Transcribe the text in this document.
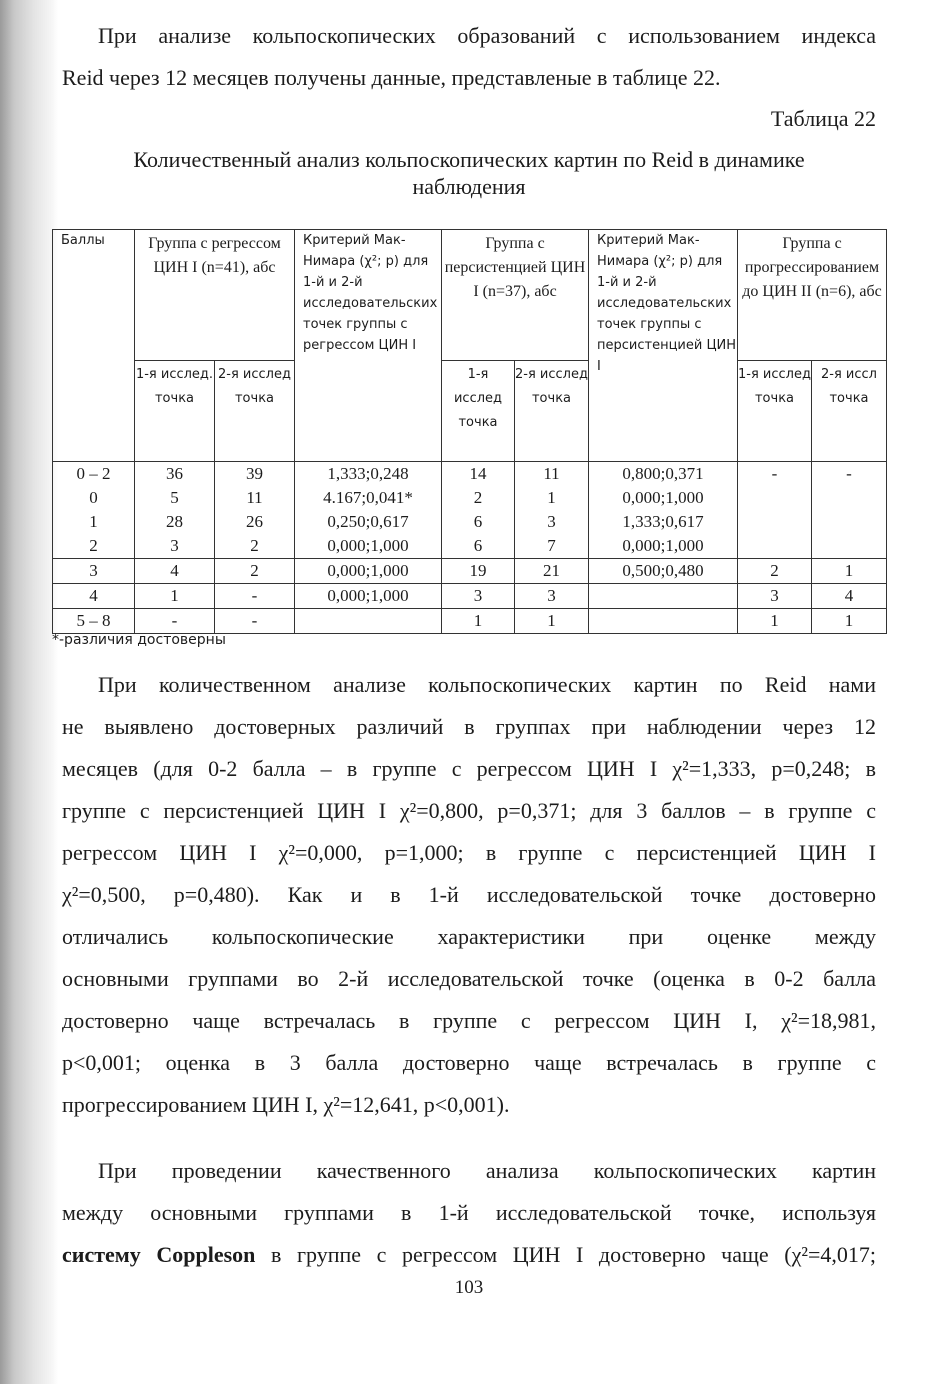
При анализе кольпоскопических образований с использованием индекса
Reid через 12 месяцев получены данные, представленые в таблице 22.
Таблица 22
Количественный анализ кольпоскопических картин по Reid в динамике
наблюдения
Баллы	Группа с регрессом ЦИН I (n=41), абс		Критерий Мак-Нимара (χ²; р) для 1-й и 2-й исследовательских точек группы с регрессом ЦИН I	Группа с персистенцией ЦИН I (n=37), абс		Критерий Мак-Нимара (χ²; р) для 1-й и 2-й исследовательских точек группы с персистенцией ЦИН I	Группа с прогрессированием до ЦИН II (n=6), абс	
	1-я исслед. точка	2-я исслед точка		1-я исслед точка	2-я исслед точка		1-я исслед точка	2-я иссл точка
0 – 2	36	39	1,333;0,248	14	11	0,800;0,371	-	-
0	5	11	4.167;0,041*	2	1	0,000;1,000		
1	28	26	0,250;0,617	6	3	1,333;0,617		
2	3	2	0,000;1,000	6	7	0,000;1,000		
3	4	2	0,000;1,000	19	21	0,500;0,480	2	1
4	1	-	0,000;1,000	3	3		3	4
5 – 8	-	-		1	1		1	1
*-различия достоверны
При количественном анализе кольпоскопических картин по Reid нами
не выявлено достоверных различий в группах при наблюдении через 12
месяцев (для 0-2 балла – в группе с регрессом ЦИН I χ²=1,333, р=0,248; в
группе с персистенцией ЦИН I χ²=0,800, р=0,371; для 3 баллов – в группе с
регрессом ЦИН I χ²=0,000, р=1,000; в группе с персистенцией ЦИН I
χ²=0,500, р=0,480). Как и в 1-й исследовательской точке достоверно
отличались кольпоскопические характеристики при оценке между
основными группами во 2-й исследовательской точке (оценка в 0-2 балла
достоверно чаще встречалась в группе с регрессом ЦИН I, χ²=18,981,
р<0,001; оценка в 3 балла достоверно чаще встречалась в группе с
прогрессированием ЦИН I, χ²=12,641, р<0,001).
При проведении качественного анализа кольпоскопических картин
между основными группами в 1-й исследовательской точке, используя
систему Coppleson в группе с регрессом ЦИН I достоверно чаще (χ²=4,017;
103
